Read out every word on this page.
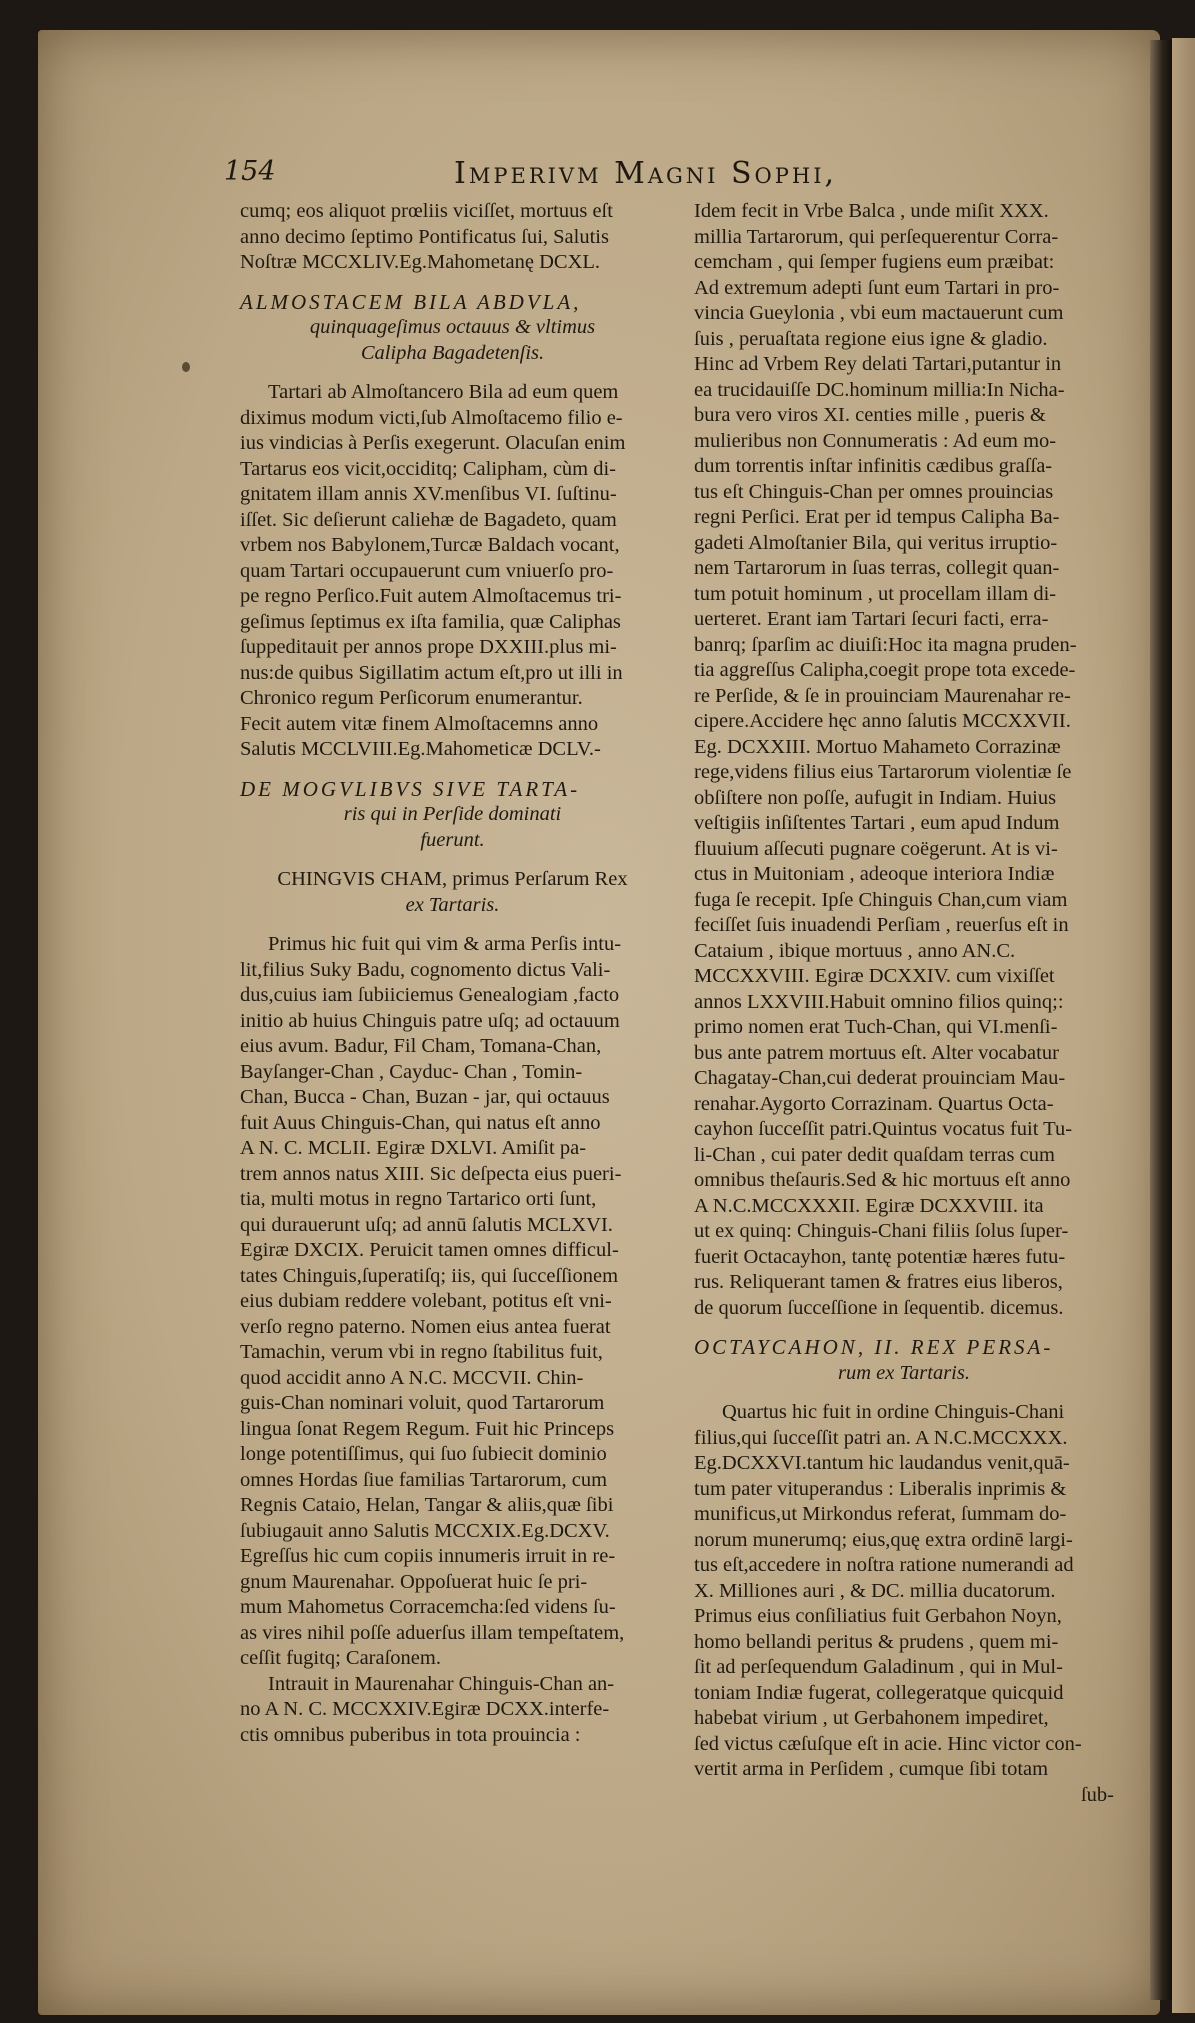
154	Imperivm Magni Sophi,
cumq; eos aliquot prœliis viciſſet, mortuus eſt
anno decimo ſeptimo Pontificatus ſui, Salutis
Noſtræ MCCXLIV.Eg.Mahometanę DCXL.
ALMOSTACEM BILA ABDVLA,
quinquageſimus octauus & vltimus
Calipha Bagadetenſis.
Tartari ab Almoſtancero Bila ad eum quem
diximus modum victi,ſub Almoſtacemo filio e-
ius vindicias à Perſis exegerunt. Olacuſan enim
Tartarus eos vicit,occiditq; Calipham, cùm di-
gnitatem illam annis XV.menſibus VI. ſuſtinu-
iſſet. Sic deſierunt caliehæ de Bagadeto, quam
vrbem nos Babylonem,Turcæ Baldach vocant,
quam Tartari occupauerunt cum vniuerſo pro-
pe regno Perſico.Fuit autem Almoſtacemus tri-
geſimus ſeptimus ex iſta familia, quæ Caliphas
ſuppeditauit per annos prope DXXIII.plus mi-
nus:de quibus Sigillatim actum eſt,pro ut illi in
Chronico regum Perſicorum enumerantur.
Fecit autem vitæ finem Almoſtacemns anno
Salutis MCCLVIII.Eg.Mahometicæ DCLV.-
DE MOGVLIBVS SIVE TARTA-
ris qui in Perſide dominati
fuerunt.
CHINGVIS CHAM, primus Perſarum Rex
ex Tartaris.
Primus hic fuit qui vim & arma Perſis intu-
lit,filius Suky Badu, cognomento dictus Vali-
dus,cuius iam ſubiiciemus Genealogiam ,facto
initio ab huius Chinguis patre uſq; ad octauum
eius avum. Badur, Fil Cham, Tomana-Chan,
Bayſanger-Chan , Cayduc- Chan , Tomin-
Chan, Bucca - Chan, Buzan - jar, qui octauus
fuit Auus Chinguis-Chan, qui natus eſt anno
A N. C. MCLII. Egiræ DXLVI. Amiſit pa-
trem annos natus XIII. Sic deſpecta eius pueri-
tia, multi motus in regno Tartarico orti ſunt,
qui durauerunt uſq; ad annū ſalutis MCLXVI.
Egiræ DXCIX. Peruicit tamen omnes difficul-
tates Chinguis,ſuperatiſq; iis, qui ſucceſſionem
eius dubiam reddere volebant, potitus eſt vni-
verſo regno paterno. Nomen eius antea fuerat
Tamachin, verum vbi in regno ſtabilitus fuit,
quod accidit anno A N.C. MCCVII. Chin-
guis-Chan nominari voluit, quod Tartarorum
lingua ſonat Regem Regum. Fuit hic Princeps
longe potentiſſimus, qui ſuo ſubiecit dominio
omnes Hordas ſiue familias Tartarorum, cum
Regnis Cataio, Helan, Tangar & aliis,quæ ſibi
ſubiugauit anno Salutis MCCXIX.Eg.DCXV.
Egreſſus hic cum copiis innumeris irruit in re-
gnum Maurenahar. Oppoſuerat huic ſe pri-
mum Mahometus Corracemcha:ſed videns ſu-
as vires nihil poſſe aduerſus illam tempeſtatem,
ceſſit fugitq; Caraſonem.
Intrauit in Maurenahar Chinguis-Chan an-
no A N. C. MCCXXIV.Egiræ DCXX.interfe-
ctis omnibus puberibus in tota prouincia :
Idem fecit in Vrbe Balca , unde miſit XXX.
millia Tartarorum, qui perſequerentur Corra-
cemcham , qui ſemper fugiens eum præibat:
Ad extremum adepti ſunt eum Tartari in pro-
vincia Gueylonia , vbi eum mactauerunt cum
ſuis , peruaſtata regione eius igne & gladio.
Hinc ad Vrbem Rey delati Tartari,putantur in
ea trucidauiſſe DC.hominum millia:In Nicha-
bura vero viros XI. centies mille , pueris &
mulieribus non Connumeratis : Ad eum mo-
dum torrentis inſtar infinitis cædibus graſſa-
tus eſt Chinguis-Chan per omnes prouincias
regni Perſici. Erat per id tempus Calipha Ba-
gadeti Almoſtanier Bila, qui veritus irruptio-
nem Tartarorum in ſuas terras, collegit quan-
tum potuit hominum , ut procellam illam di-
uerteret. Erant iam Tartari ſecuri facti, erra-
banrq; ſparſim ac diuiſi:Hoc ita magna pruden-
tia aggreſſus Calipha,coegit prope tota excede-
re Perſide, & ſe in prouinciam Maurenahar re-
cipere.Accidere hęc anno ſalutis MCCXXVII.
Eg. DCXXIII. Mortuo Mahameto Corrazinæ
rege,videns filius eius Tartarorum violentiæ ſe
obſiſtere non poſſe, aufugit in Indiam. Huius
veſtigiis inſiſtentes Tartari , eum apud Indum
fluuium aſſecuti pugnare coëgerunt. At is vi-
ctus in Muitoniam , adeoque interiora Indiæ
fuga ſe recepit. Ipſe Chinguis Chan,cum viam
feciſſet ſuis inuadendi Perſiam , reuerſus eſt in
Cataium , ibique mortuus , anno AN.C.
MCCXXVIII. Egiræ DCXXIV. cum vixiſſet
annos LXXVIII.Habuit omnino filios quinq;:
primo nomen erat Tuch-Chan, qui VI.menſi-
bus ante patrem mortuus eſt. Alter vocabatur
Chagatay-Chan,cui dederat prouinciam Mau-
renahar.Aygorto Corrazinam. Quartus Octa-
cayhon ſucceſſit patri.Quintus vocatus fuit Tu-
li-Chan , cui pater dedit quaſdam terras cum
omnibus theſauris.Sed & hic mortuus eſt anno
A N.C.MCCXXXII. Egiræ DCXXVIII. ita
ut ex quinq: Chinguis-Chani filiis ſolus ſuper-
fuerit Octacayhon, tantę potentiæ hæres futu-
rus. Reliquerant tamen & fratres eius liberos,
de quorum ſucceſſione in ſequentib. dicemus.
OCTAYCAHON, II. REX PERSA-
rum ex Tartaris.
Quartus hic fuit in ordine Chinguis-Chani
filius,qui ſucceſſit patri an. A N.C.MCCXXX.
Eg.DCXXVI.tantum hic laudandus venit,quā-
tum pater vituperandus : Liberalis inprimis &
munificus,ut Mirkondus referat, ſummam do-
norum munerumq; eius,quę extra ordinē largi-
tus eſt,accedere in noſtra ratione numerandi ad
X. Milliones auri , & DC. millia ducatorum.
Primus eius conſiliatius fuit Gerbahon Noyn,
homo bellandi peritus & prudens , quem mi-
ſit ad perſequendum Galadinum , qui in Mul-
toniam Indiæ fugerat, collegeratque quicquid
habebat virium , ut Gerbahonem impediret,
ſed victus cæſuſque eſt in acie. Hinc victor con-
vertit arma in Perſidem , cumque ſibi totam
ſub-
